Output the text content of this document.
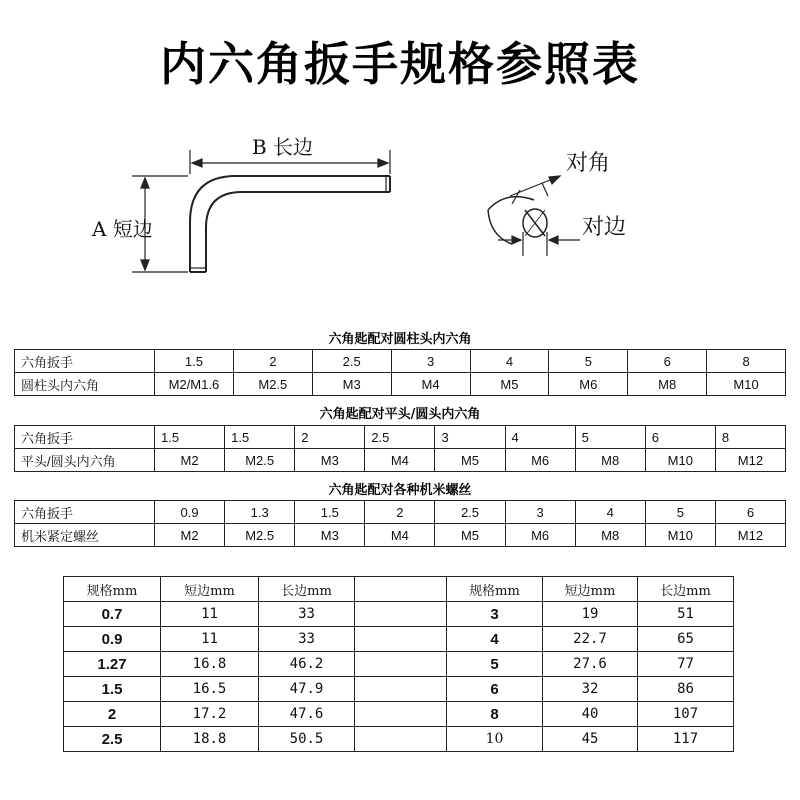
内六角扳手规格参照表
B 长边
A 短边
对角
对边
六角匙配对圆柱头内六角
六角扳手	1.5	2	2.5	3	4	5	6	8
圆柱头内六角	M2/M1.6	M2.5	M3	M4	M5	M6	M8	M10
六角匙配对平头/圆头内六角
六角扳手	1.5	1.5	2	2.5	3	4	5	6	8
平头/圆头内六角	M2	M2.5	M3	M4	M5	M6	M8	M10	M12
六角匙配对各种机米螺丝
六角扳手	0.9	1.3	1.5	2	2.5	3	4	5	6
机米紧定螺丝	M2	M2.5	M3	M4	M5	M6	M8	M10	M12
规格mm	短边mm	长边mm		规格mm	短边mm	长边mm
0.7	11	33		3	19	51
0.9	11	33		4	22.7	65
1.27	16.8	46.2		5	27.6	77
1.5	16.5	47.9		6	32	86
2	17.2	47.6		8	40	107
2.5	18.8	50.5		10	45	117
